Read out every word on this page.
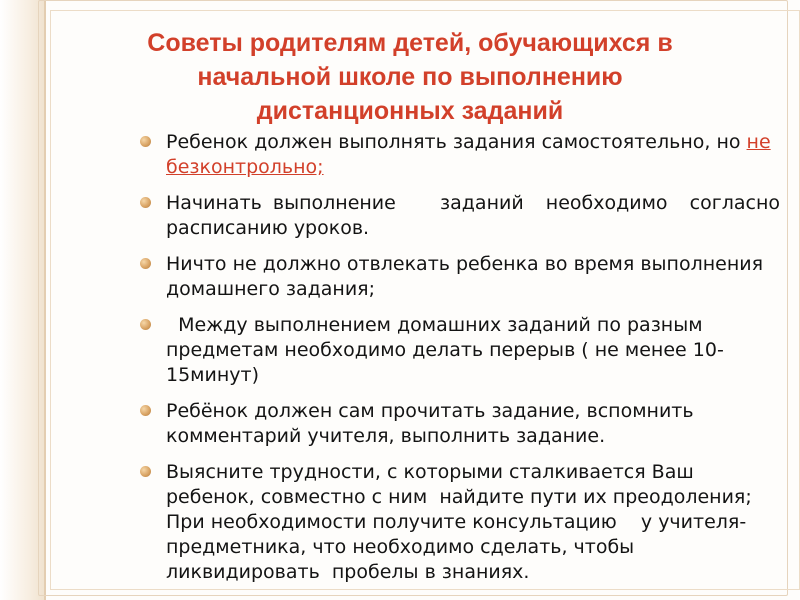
Советы родителям детей, обучающихся в начальной школе по выполнению дистанционных заданий
Ребенок должен выполнять задания самостоятельно, но не безконтрольно;
Начинать выполнение    заданий  необходимо  согласно расписанию уроков.
Ничто не должно отвлекать ребенка во время выполнения домашнего задания;
Между выполнением домашних заданий по разным предметам необходимо делать перерыв ( не менее 10-15минут)
Ребёнок должен сам прочитать задание, вспомнить комментарий учителя, выполнить задание.
Выясните трудности, с которыми сталкивается Ваш ребенок, совместно с ним  найдите пути их преодоления; При необходимости получите консультацию    у учителя- предметника, что необходимо сделать, чтобы  ликвидировать  пробелы в знаниях.
